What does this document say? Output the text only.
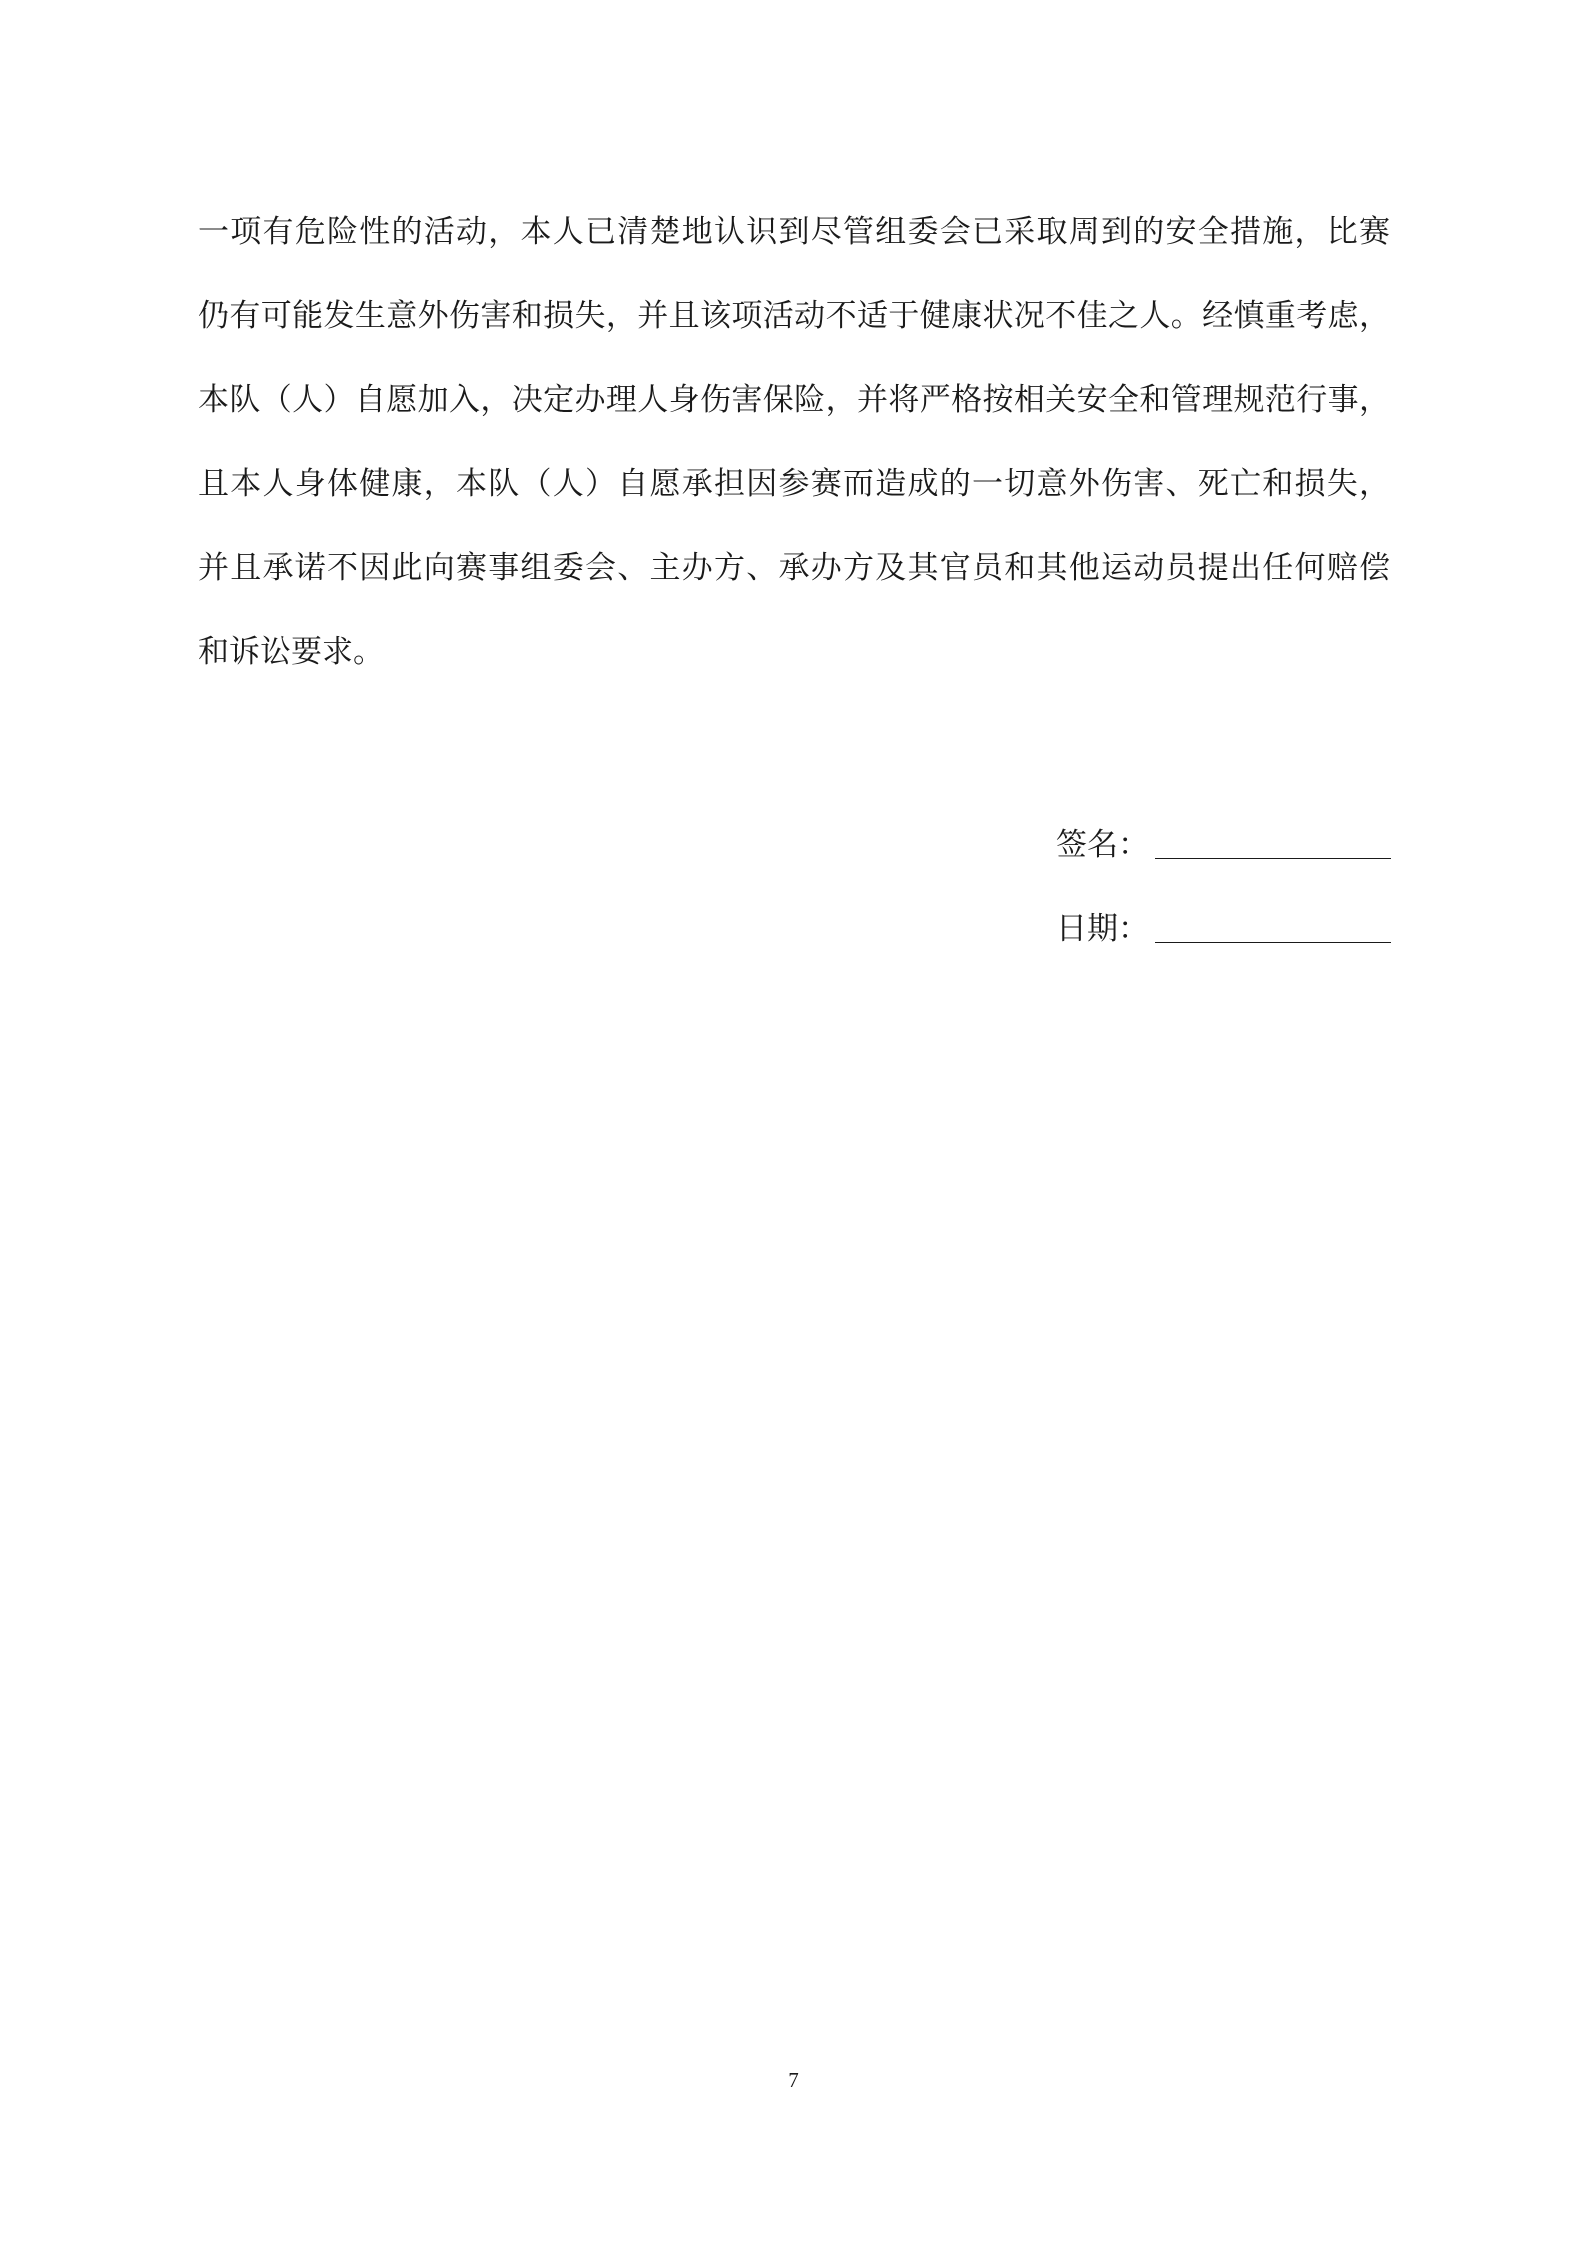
一项有危险性的活动，本人已清楚地认识到尽管组委会已采取周到的安全措施，比赛
仍有可能发生意外伤害和损失，并且该项活动不适于健康状况不佳之人。经慎重考虑，
本队（人）自愿加入，决定办理人身伤害保险，并将严格按相关安全和管理规范行事，
且本人身体健康，本队（人）自愿承担因参赛而造成的一切意外伤害、死亡和损失，
并且承诺不因此向赛事组委会、主办方、承办方及其官员和其他运动员提出任何赔偿
和诉讼要求。
签名：
日期：
7
